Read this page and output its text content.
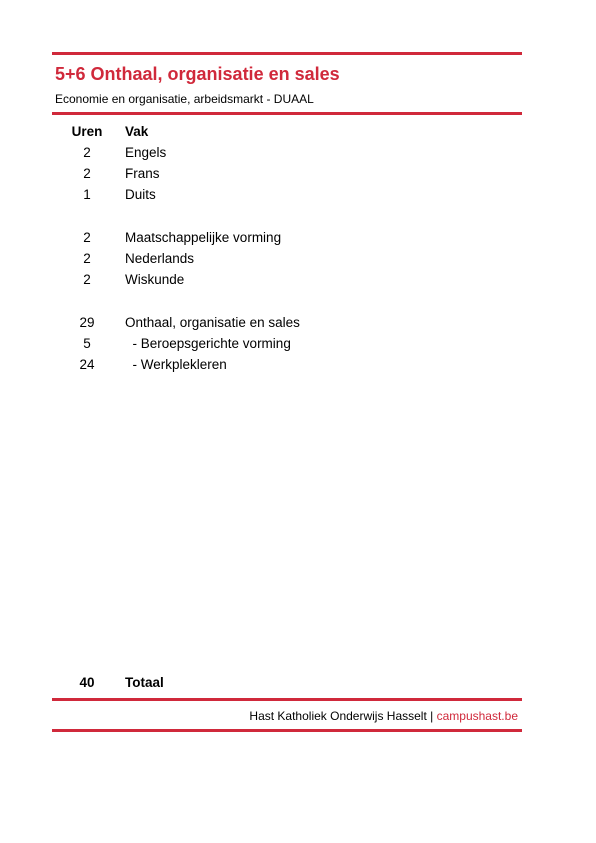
5+6 Onthaal, organisatie en sales
Economie en organisatie, arbeidsmarkt - DUAAL
Uren	Vak
2	Engels
2	Frans
1	Duits
2	Maatschappelijke vorming
2	Nederlands
2	Wiskunde
29	Onthaal, organisatie en sales
5	- Beroepsgerichte vorming
24	- Werkplekleren
40	Totaal
Hast Katholiek Onderwijs Hasselt | campushast.be
